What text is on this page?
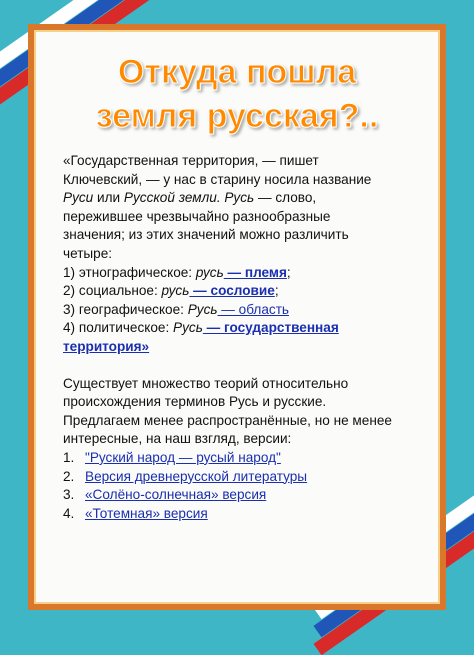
Откуда пошла
земля русская?..

«Государственная территория, — пишет Ключевский, — у нас в старину носила название Руси или Русской земли. Русь — слово, пережившее чрезвычайно разнообразные значения; из этих значений можно различить четыре:

1) этнографическое: русь — племя;

2) социальное: русь — сословие;

3) географическое: Русь — область

4) политическое: Русь — государственная территория»

Существует множество теорий относительно происхождения терминов Русь и русские. Предлагаем менее распространённые, но не менее интересные, на наш взгляд, версии:

1. "Руский народ — русый народ"
2. Версия древнерусской литературы
3. «Солёно-солнечная» версия
4. «Тотемная» версия
